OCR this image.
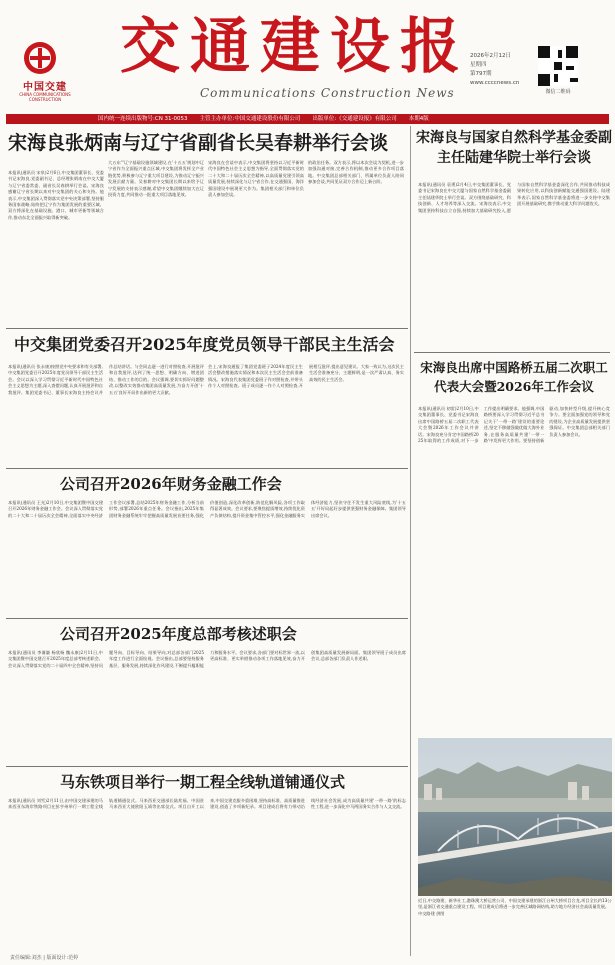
中国交建
CHINA COMMUNICATIONS CONSTRUCTION
交通建设报
Communications Construction News
2026年2月12日
星期四
第797期
www.ccccnews.cn
微信二维码
国内统一连续出版物号:CN 31-0053 主管主办单位:中国交通建设股份有限公司 出版单位:《交通建设报》有限公司 本期4版
宋海良张炳南与辽宁省副省长吴春耕举行会谈
本报讯(通讯员 宋泉)2月6日,中交集团董事长、党委书记宋海良,党委副书记、总经理张炳南在中交大厦与辽宁省委常委、副省长吴春耕举行会谈。宋海良感谢辽宁省长期以来对中交集团的关心和支持。他表示,中交集团深入贯彻落实党中央决策部署,坚持服务国家战略,始终把辽宁作为集团发展的重要区域。双方将深化在基础设施、港口、城市更新等领域合作,推动东北全面振兴取得新突破。
大五东"'辽宁基础设施领域建设,在'十五五'规划中辽宁省作为全面振兴重点区域,中交集团将发挥全产业链优势,积极参与辽宁重大项目建设,为推动辽宁振兴发展贡献力量。吴春耕对中交集团长期以来给予辽宁发展的支持表示感谢,希望中交集团继续加大在辽投资力度,共同推动一批重大项目落地见效。
宋海良在会谈中表示,中交集团将坚持以习近平新时代中国特色社会主义思想为指导,全面贯彻落实党的二十大和二十届历次全会精神,以高质量党建引领高质量发展,持续深化与辽宁省合作,在交通强国、海洋强国建设中展现更大作为。集团相关部门和单位负责人参加会谈。
的政治任务。双方表示,将以本次会谈为契机,进一步加强沟通对接,完善合作机制,推动更多合作项目落地。中交集团总部相关部门、所属单位负责人陪同参加会谈,共同见证双方合作迈上新台阶。
宋海良与国家自然科学基金委副主任陆建华院士举行会谈
本报讯(通讯员 袁勇)2月4日,中交集团董事长、党委书记宋海良在中交大厦与国家自然科学基金委副主任陆建华院士举行会谈。双方围绕基础研究、科技创新、人才培养等深入交流。宋海良表示,中交集团坚持科技自立自强,持续加大基础研究投入,愿与国家自然科学基金委深化合作,共同推动科技成果转化应用,以科技创新赋能交通强国建设。陆建华表示,国家自然科学基金委将进一步支持中交集团开展基础研究,携手推动重大科学问题攻关。
中交集团党委召开2025年度党员领导干部民主生活会
本报讯(通讯员 张永康)按照党中央要求和有关部署,中交集团党委召开2025年度党员领导干部民主生活会。会议以深入学习贯彻习近平新时代中国特色社会主义思想为主题,深入查摆问题,认真开展批评和自我批评。集团党委书记、董事长宋海良主持会议并作总结讲话。与会同志逐一进行对照检查,开展批评和自我批评,达到了统一思想、明确方向、增进团结、推动工作的目的。会议强调,要切实抓好问题整改,以整改实效推动集团高质量发展,为奋力开创'十五五'良好开局作出新的更大贡献。
会上,宋海良通报了集团党委班子2024年度民主生活会整改措施落实情况和本次民主生活会会前准备情况。宋海良代表集团党委班子作对照检查,并带头作个人对照检查。班子成员逐一作个人对照检查,开展相互批评,提出意见建议。大家一致认为,这次民主生活会准备充分、主题鲜明,是一次严肃认真、务实高效的民主生活会。
宋海良出席中国路桥五届二次职工代表大会暨2026年工作会议
本报讯(通讯员 初雷)2月10日,中交集团董事长、党委书记宋海良出席中国路桥五届二次职工代表大会暨2026年工作会议并讲话。宋海良充分肯定中国路桥2025年取得的工作成绩,对下一步工作提出明确要求。他强调,中国路桥要深入学习贯彻习近平总书记关于'一带一路'建设的重要论述,坚定不移做强做优做大海外业务,在服务高质量共建'一带一路'中发挥更大作用。要坚持创新驱动,加快转型升级,提升核心竞争力。要全面加强党的领导和党的建设,为企业高质量发展提供坚强保证。中交集团总部相关部门负责人参加会议。
公司召开2026年财务金融工作会
本报讯(通讯员 王光)2月10日,中交集团暨中国交建召开2026年财务金融工作会。会议深入贯彻落实党的二十大和二十届历次全会精神,全面落实中央经济工作会议部署,总结2025年财务金融工作,分析当前形势,部署2026年重点任务。会议指出,2025年集团财务金融系统牢牢把握高质量发展首要任务,强化价值创造,深化改革创新,防范化解风险,各项工作取得显著成效。会议要求,要聚焦提质增效,持续优化资产负债结构,提升资金集中管控水平,强化金融服务实体经济能力,坚决守住不发生重大风险底线,为'十五五'开好局起好步提供坚强财务金融保障。集团领导出席会议。
公司召开2025年度总部考核述职会
本报讯(通讯员 李谨谦 杨欣杨 魏永康)2月11日,中交集团暨中国交建召开2025年度总部考核述职会。会议深入贯彻落实党的二十届四中全会精神,坚持问题导向、目标导向、结果导向,对总部各部门2025年度工作进行全面检视。会议指出,总部要坚持服务基层、服务发展,持续深化作风建设,不断提升履职能力和服务水平。会议要求,各部门要对标世界一流,以更高标准、更实举措推动各项工作落地见效,奋力开创集团高质量发展新局面。集团领导班子成员出席会议,总部各部门负责人作述职。
马东铁项目举行一期工程全线轨道铺通仪式
本报讯(通讯员 刘雪)2月11日,由中国交建承建的马来西亚东海岸铁路项目在彭亨州举行一期工程全线轨道铺通仪式。马来西亚交通部长陆兆福、中国驻马来西亚大使欧阳玉靖等出席仪式。项目自开工以来,中国交建克服多重困难,坚持高标准、高质量推进建设,创造了多项新纪录。项目建成后将有力带动沿线经济社会发展,成为高质量共建'一带一路'的标志性工程,进一步深化中马两国务实合作与人文交流。
近日,中交路建、新华社工,港珠澳大桥运营公司、中国交建承建的浙江台州大桥项目合龙,项目全长约13公里,是浙江省交通重点建设工程。项目建成后将进一步完善区域路网结构,助力地方经济社会高质量发展。中交路建 供图
责任编辑:刘杰 | 版面设计:范婷
